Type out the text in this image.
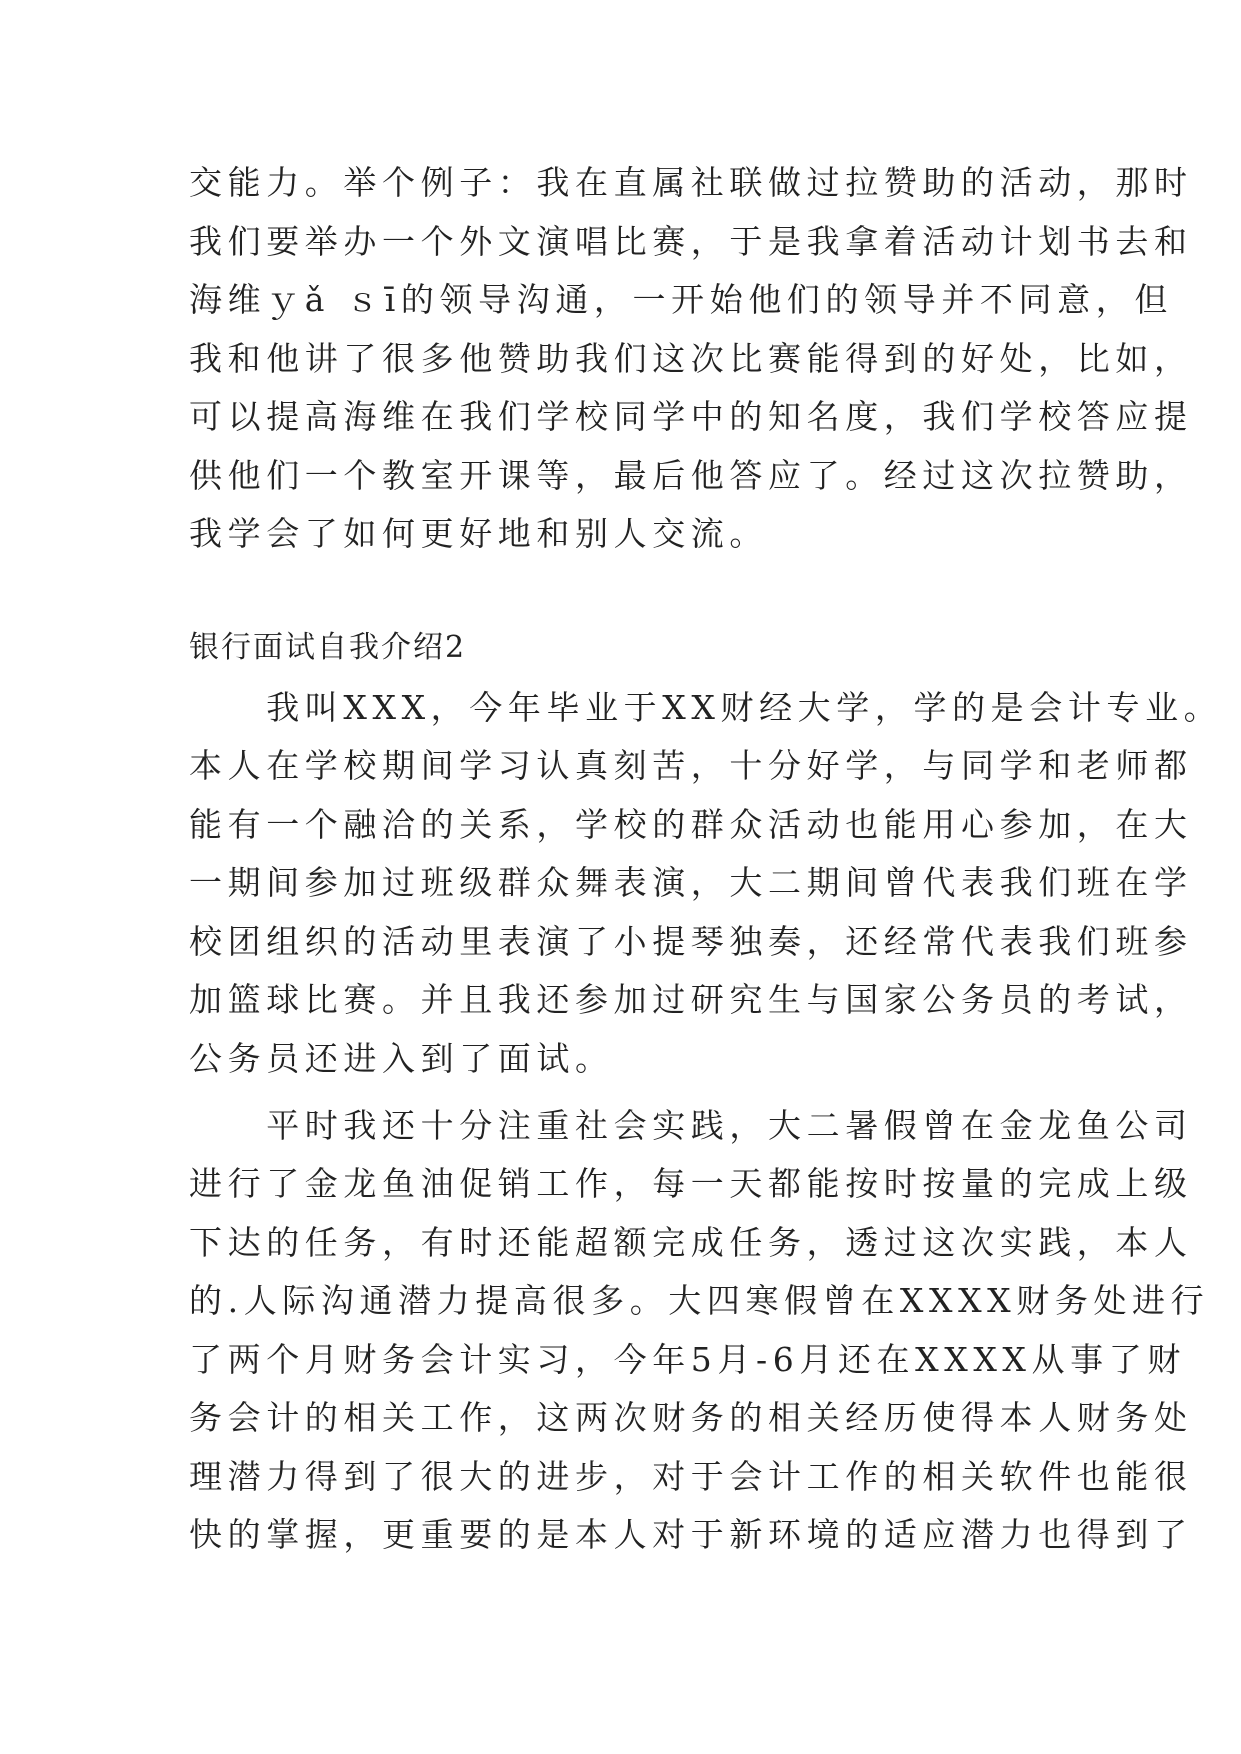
交能力。举个例子：我在直属社联做过拉赞助的活动，那时
我们要举办一个外文演唱比赛，于是我拿着活动计划书去和
海维ｙǎ ｓī的领导沟通，一开始他们的领导并不同意，但
我和他讲了很多他赞助我们这次比赛能得到的好处，比如，
可以提高海维在我们学校同学中的知名度，我们学校答应提
供他们一个教室开课等，最后他答应了。经过这次拉赞助，
我学会了如何更好地和别人交流。
银行面试自我介绍2
　　我叫XXX，今年毕业于XX财经大学，学的是会计专业。
本人在学校期间学习认真刻苦，十分好学，与同学和老师都
能有一个融洽的关系，学校的群众活动也能用心参加，在大
一期间参加过班级群众舞表演，大二期间曾代表我们班在学
校团组织的活动里表演了小提琴独奏，还经常代表我们班参
加篮球比赛。并且我还参加过研究生与国家公务员的考试，
公务员还进入到了面试。
　　平时我还十分注重社会实践，大二暑假曾在金龙鱼公司
进行了金龙鱼油促销工作，每一天都能按时按量的完成上级
下达的任务，有时还能超额完成任务，透过这次实践，本人
的.人际沟通潜力提高很多。大四寒假曾在XXXX财务处进行
了两个月财务会计实习，今年5月-6月还在XXXX从事了财
务会计的相关工作，这两次财务的相关经历使得本人财务处
理潜力得到了很大的进步，对于会计工作的相关软件也能很
快的掌握，更重要的是本人对于新环境的适应潜力也得到了
